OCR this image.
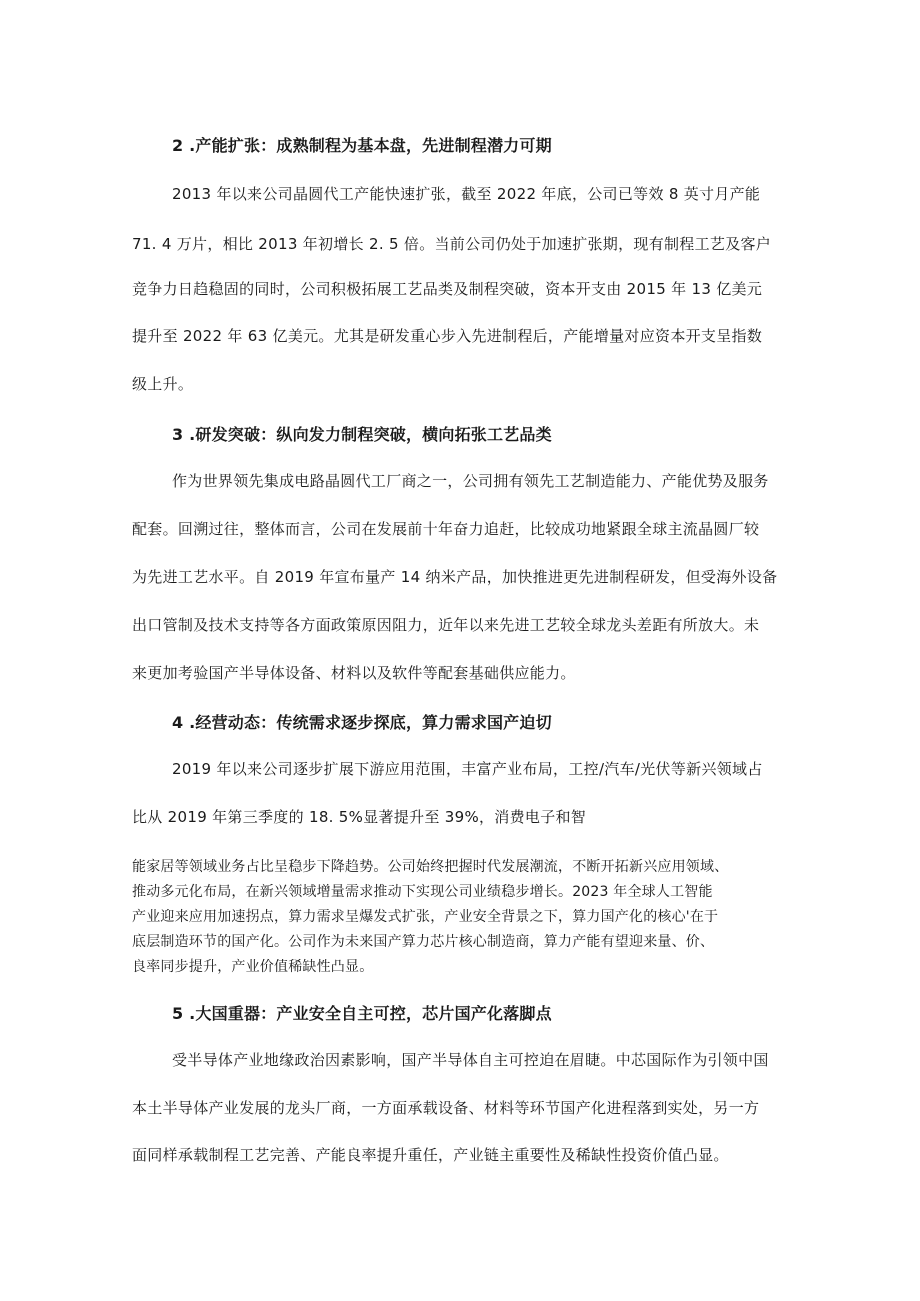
2 .产能扩张：成熟制程为基本盘，先进制程潜力可期
2013 年以来公司晶圆代工产能快速扩张，截至 2022 年底，公司已等效 8 英寸月产能
71. 4 万片，相比 2013 年初增长 2. 5 倍。当前公司仍处于加速扩张期，现有制程工艺及客户
竞争力日趋稳固的同时，公司积极拓展工艺品类及制程突破，资本开支由 2015 年 13 亿美元
提升至 2022 年 63 亿美元。尤其是研发重心步入先进制程后，产能增量对应资本开支呈指数
级上升。
3 .研发突破：纵向发力制程突破，横向拓张工艺品类
作为世界领先集成电路晶圆代工厂商之一，公司拥有领先工艺制造能力、产能优势及服务
配套。回溯过往，整体而言，公司在发展前十年奋力追赶，比较成功地紧跟全球主流晶圆厂较
为先进工艺水平。自 2019 年宣布量产 14 纳米产品，加快推进更先进制程研发，但受海外设备
出口管制及技术支持等各方面政策原因阻力，近年以来先进工艺较全球龙头差距有所放大。未
来更加考验国产半导体设备、材料以及软件等配套基础供应能力。
4 .经营动态：传统需求逐步探底，算力需求国产迫切
2019 年以来公司逐步扩展下游应用范围，丰富产业布局，工控/汽车/光伏等新兴领域占
比从 2019 年第三季度的 18. 5%显著提升至 39%，消费电子和智
能家居等领域业务占比呈稳步下降趋势。公司始终把握时代发展潮流，不断开拓新兴应用领域、
推动多元化布局，在新兴领域增量需求推动下实现公司业绩稳步增长。2023 年全球人工智能
产业迎来应用加速拐点，算力需求呈爆发式扩张，产业安全背景之下，算力国产化的核心'在于
底层制造环节的国产化。公司作为未来国产算力芯片核心制造商，算力产能有望迎来量、价、
良率同步提升，产业价值稀缺性凸显。
5 .大国重器：产业安全自主可控，芯片国产化落脚点
受半导体产业地缘政治因素影响，国产半导体自主可控迫在眉睫。中芯国际作为引领中国
本土半导体产业发展的龙头厂商，一方面承载设备、材料等环节国产化进程落到实处，另一方
面同样承载制程工艺完善、产能良率提升重任，产业链主重要性及稀缺性投资价值凸显。
